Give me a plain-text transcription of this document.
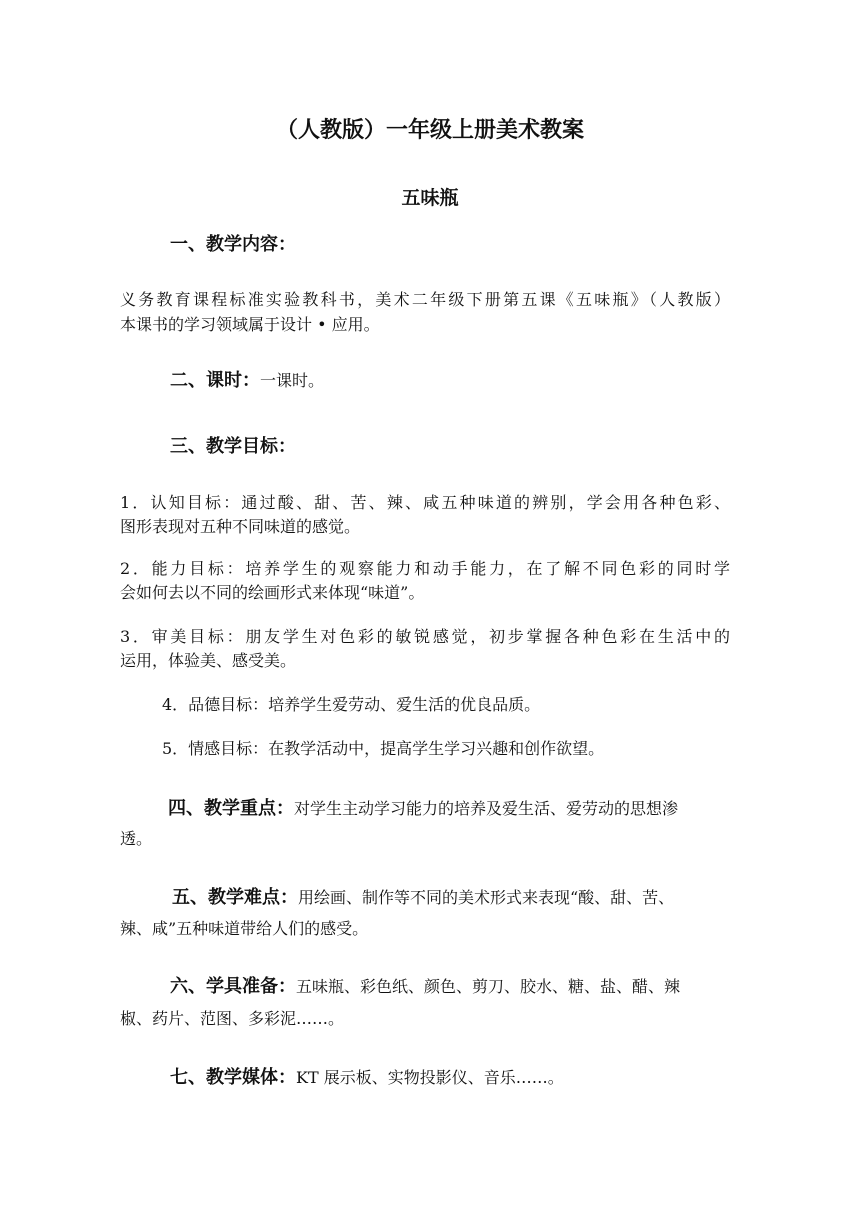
（人教版）一年级上册美术教案
五味瓶
一、教学内容：
义务教育课程标准实验教科书，美术二年级下册第五课《五味瓶》（人教版）
本课书的学习领域属于设计 • 应用。
二、课时：一课时。
三、教学目标：
1．认知目标：通过酸、甜、苦、辣、咸五种味道的辨别，学会用各种色彩、
图形表现对五种不同味道的感觉。
2．能力目标：培养学生的观察能力和动手能力，在了解不同色彩的同时学
会如何去以不同的绘画形式来体现“味道”。
3．审美目标：朋友学生对色彩的敏锐感觉，初步掌握各种色彩在生活中的
运用，体验美、感受美。
4．品德目标：培养学生爱劳动、爱生活的优良品质。
5．情感目标：在教学活动中，提高学生学习兴趣和创作欲望。
四、教学重点：对学生主动学习能力的培养及爱生活、爱劳动的思想渗
透。
五、教学难点：用绘画、制作等不同的美术形式来表现“酸、甜、苦、
辣、咸”五种味道带给人们的感受。
六、学具准备：五味瓶、彩色纸、颜色、剪刀、胶水、糖、盐、醋、辣
椒、药片、范图、多彩泥……。
七、教学媒体：KT 展示板、实物投影仪、音乐……。
